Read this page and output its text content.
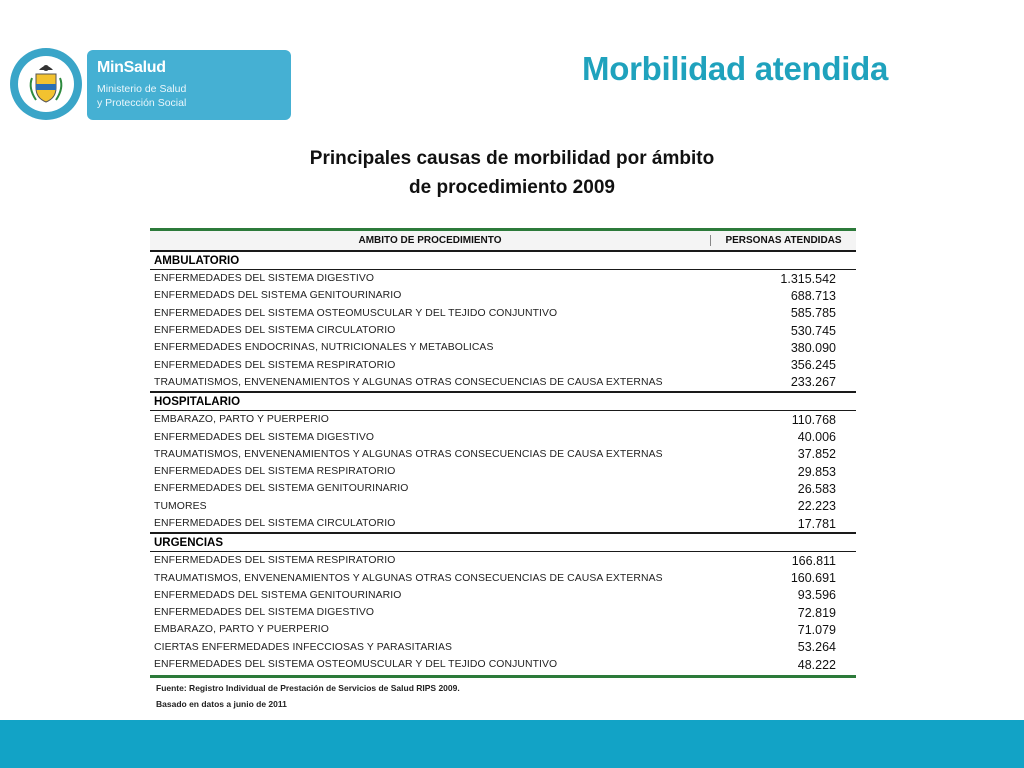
MinSalud
Ministerio de Salud
y Protección Social
Morbilidad atendida
Principales causas de morbilidad por ámbito
de procedimiento 2009
AMBITO DE PROCEDIMIENTO	PERSONAS ATENDIDAS
AMBULATORIO
ENFERMEDADES DEL SISTEMA DIGESTIVO	1.315.542
ENFERMEDADS DEL SISTEMA GENITOURINARIO	688.713
ENFERMEDADES DEL SISTEMA OSTEOMUSCULAR Y DEL TEJIDO CONJUNTIVO	585.785
ENFERMEDADES DEL SISTEMA CIRCULATORIO	530.745
ENFERMEDADES ENDOCRINAS, NUTRICIONALES Y METABOLICAS	380.090
ENFERMEDADES DEL SISTEMA RESPIRATORIO	356.245
TRAUMATISMOS, ENVENENAMIENTOS Y ALGUNAS OTRAS CONSECUENCIAS DE CAUSA EXTERNAS	233.267
HOSPITALARIO
EMBARAZO, PARTO Y PUERPERIO	110.768
ENFERMEDADES DEL SISTEMA DIGESTIVO	40.006
TRAUMATISMOS, ENVENENAMIENTOS Y ALGUNAS OTRAS CONSECUENCIAS DE CAUSA EXTERNAS	37.852
ENFERMEDADES DEL SISTEMA RESPIRATORIO	29.853
ENFERMEDADES DEL SISTEMA GENITOURINARIO	26.583
TUMORES	22.223
ENFERMEDADES DEL SISTEMA CIRCULATORIO	17.781
URGENCIAS
ENFERMEDADES DEL SISTEMA RESPIRATORIO	166.811
TRAUMATISMOS, ENVENENAMIENTOS Y ALGUNAS OTRAS CONSECUENCIAS DE CAUSA EXTERNAS	160.691
ENFERMEDADS DEL SISTEMA GENITOURINARIO	93.596
ENFERMEDADES DEL SISTEMA DIGESTIVO	72.819
EMBARAZO, PARTO Y PUERPERIO	71.079
CIERTAS ENFERMEDADES INFECCIOSAS Y PARASITARIAS	53.264
ENFERMEDADES DEL SISTEMA OSTEOMUSCULAR Y DEL TEJIDO CONJUNTIVO	48.222
Fuente: Registro Individual de Prestación de Servicios de Salud RIPS 2009.
Basado en datos a junio de 2011
